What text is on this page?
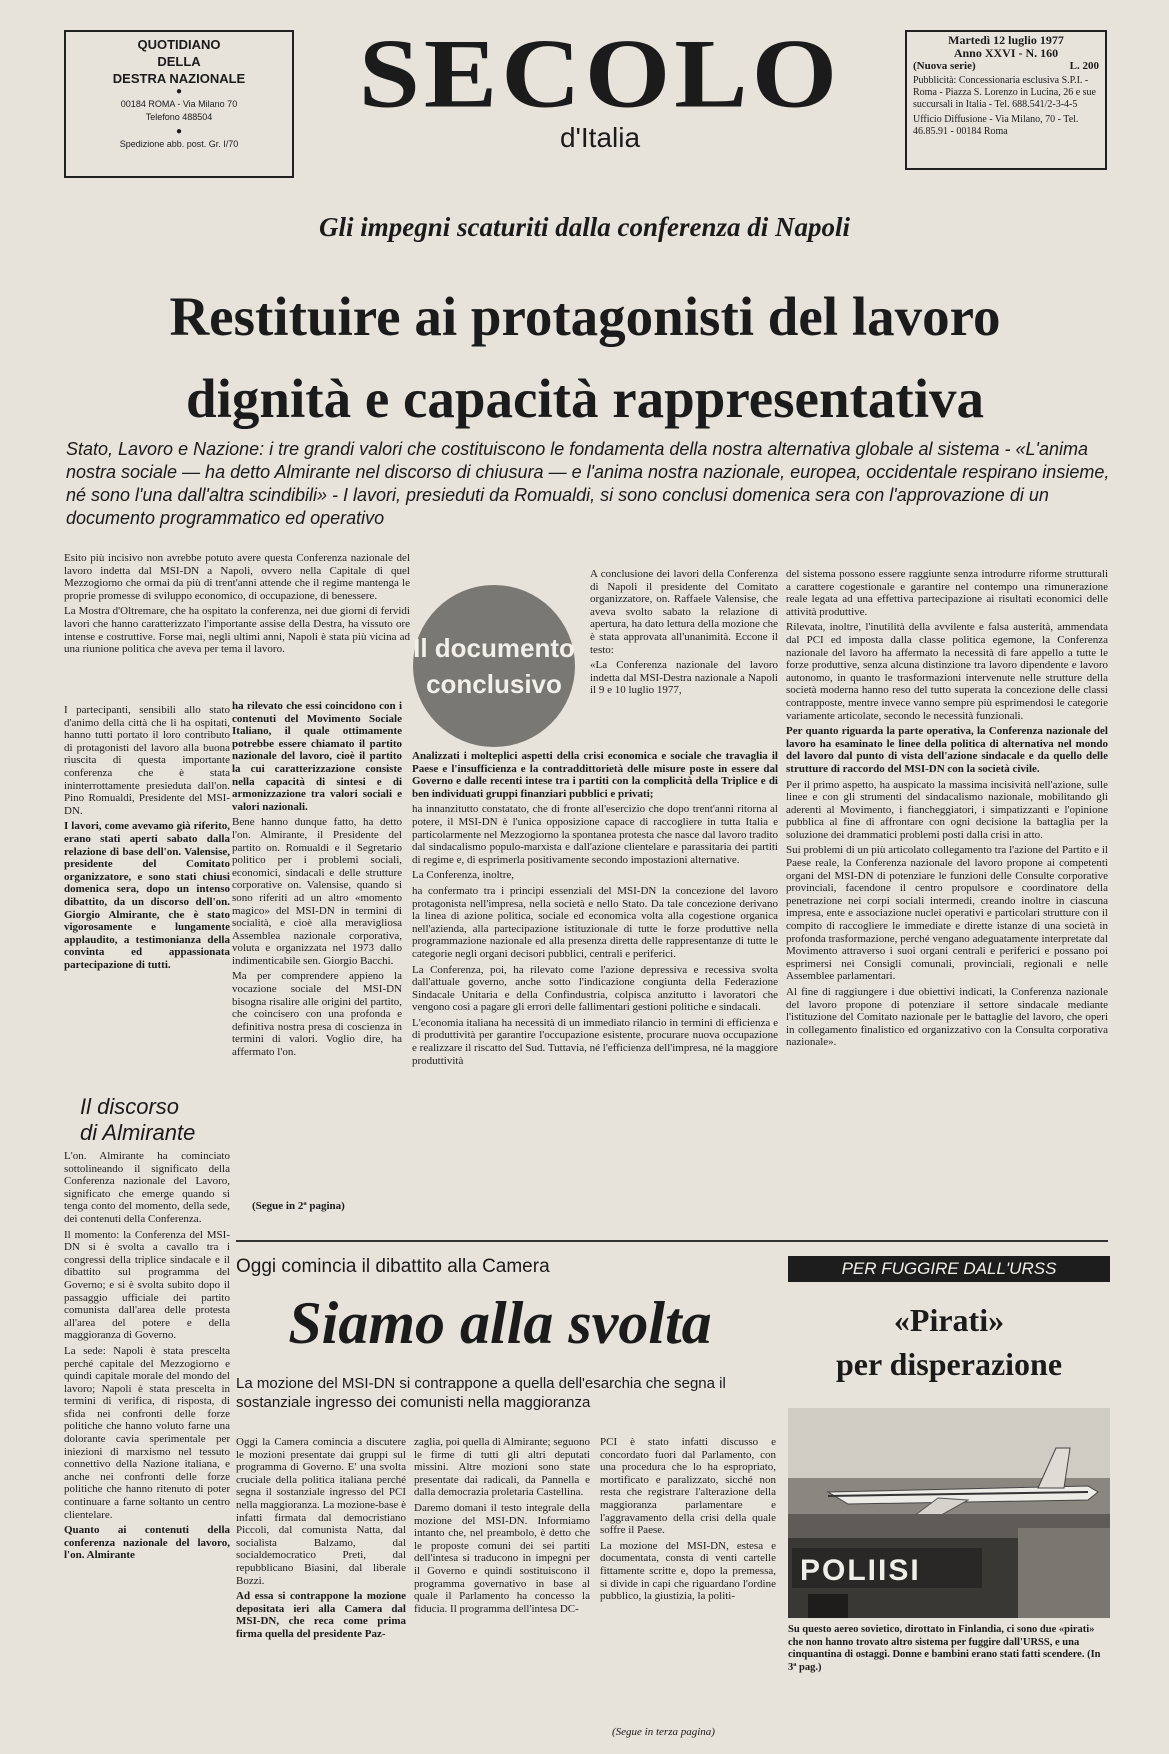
QUOTIDIANO
DELLA
DESTRA NAZIONALE
●
00184 ROMA - Via Milano 70
Telefono 488504
●
Spedizione abb. post. Gr. I/70
SECOLO
d'Italia
Martedì 12 luglio 1977
Anno XXVI - N. 160
(Nuova serie)	L. 200
Pubblicità: Concessionaria esclusiva S.P.I. - Roma - Piazza S. Lorenzo in Lucina, 26 e sue succursali in Italia - Tel. 688.541/2-3-4-5
Ufficio Diffusione - Via Milano, 70 - Tel. 46.85.91 - 00184 Roma
Gli impegni scaturiti dalla conferenza di Napoli
Restituire ai protagonisti del lavoro
dignità e capacità rappresentativa
Stato, Lavoro e Nazione: i tre grandi valori che costituiscono le fondamenta della nostra alternativa globale al sistema - «L'anima nostra sociale — ha detto Almirante nel discorso di chiusura — e l'anima nostra nazionale, europea, occidentale respirano insieme, né sono l'una dall'altra scindibili» - I lavori, presieduti da Romualdi, si sono conclusi domenica sera con l'approvazione di un documento programmatico ed operativo

Esito più incisivo non avrebbe potuto avere questa Conferenza nazionale del lavoro indetta dal MSI-DN a Napoli, ovvero nella Capitale di quel Mezzogiorno che ormai da più di trent'anni attende che il regime mantenga le proprie promesse di sviluppo economico, di occupazione, di benessere.

La Mostra d'Oltremare, che ha ospitato la conferenza, nei due giorni di fervidi lavori che hanno caratterizzato l'importante assise della Destra, ha vissuto ore intense e costruttive. Forse mai, negli ultimi anni, Napoli è stata più vicina ad una riunione politica che aveva per tema il lavoro.

I partecipanti, sensibili allo stato d'animo della città che li ha ospitati, hanno tutti portato il loro contributo di protagonisti del lavoro alla buona riuscita di questa importante conferenza che è stata ininterrottamente presieduta dall'on. Pino Romualdi, Presidente del MSI-DN.

I lavori, come avevamo già riferito, erano stati aperti sabato dalla relazione di base dell'on. Valensise, presidente del Comitato organizzatore, e sono stati chiusi domenica sera, dopo un intenso dibattito, da un discorso dell'on. Giorgio Almirante, che è stato vigorosamente e lungamente applaudito, a testimonianza della convinta ed appassionata partecipazione di tutti.

Il discorso
di Almirante

L'on. Almirante ha cominciato sottolineando il significato della Conferenza nazionale del Lavoro, significato che emerge quando si tenga conto del momento, della sede, dei contenuti della Conferenza.

Il momento: la Conferenza del MSI-DN si è svolta a cavallo tra i congressi della triplice sindacale e il dibattito sul programma del Governo; e si è svolta subito dopo il passaggio ufficiale dei partito comunista dall'area delle protesta all'area del potere e della maggioranza di Governo.

La sede: Napoli è stata prescelta perché capitale del Mezzogiorno e quindi capitale morale del mondo del lavoro; Napoli è stata prescelta in termini di verifica, di risposta, di sfida nei confronti delle forze politiche che hanno voluto farne una dolorante cavia sperimentale per iniezioni di marxismo nel tessuto connettivo della Nazione italiana, e anche nei confronti delle forze politiche che hanno ritenuto di poter continuare a farne soltanto un centro clientelare.

Quanto ai contenuti della conferenza nazionale del lavoro, l'on. Almirante

Il documento
conclusivo

ha rilevato che essi coincidono con i contenuti del Movimento Sociale Italiano, il quale ottimamente potrebbe essere chiamato il partito nazionale del lavoro, cioè il partito la cui caratterizzazione consiste nella capacità di sintesi e di armonizzazione tra valori sociali e valori nazionali.

Bene hanno dunque fatto, ha detto l'on. Almirante, il Presidente del partito on. Romualdi e il Segretario politico per i problemi sociali, economici, sindacali e delle strutture corporative on. Valensise, quando si sono riferiti ad un altro «momento magico» del MSI-DN in termini di socialità, e cioè alla meravigliosa Assemblea nazionale corporativa, voluta e organizzata nel 1973 dallo indimenticabile sen. Giorgio Bacchi.

Ma per comprendere appieno la vocazione sociale del MSI-DN bisogna risalire alle origini del partito, che coincisero con una profonda e definitiva nostra presa di coscienza in termini di valori. Voglio dire, ha affermato l'on.

(Segue in 2ª pagina)

A conclusione dei lavori della Conferenza di Napoli il presidente del Comitato organizzatore, on. Raffaele Valensise, che aveva svolto sabato la relazione di apertura, ha dato lettura della mozione che è stata approvata all'unanimità. Eccone il testo:

«La Conferenza nazionale del lavoro indetta dal MSI-Destra nazionale a Napoli il 9 e 10 luglio 1977,

Analizzati i molteplici aspetti della crisi economica e sociale che travaglia il Paese e l'insufficienza e la contraddittorietà delle misure poste in essere dal Governo e dalle recenti intese tra i partiti con la complicità della Triplice e di ben individuati gruppi finanziari pubblici e privati;

ha innanzitutto constatato, che di fronte all'esercizio che dopo trent'anni ritorna al potere, il MSI-DN è l'unica opposizione capace di raccogliere in tutta Italia e particolarmente nel Mezzogiorno la spontanea protesta che nasce dal lavoro tradito dal sindacalismo populo-marxista e dall'azione clientelare e parassitaria dei partiti di regime e, di esprimerla positivamente secondo impostazioni alternative.

La Conferenza, inoltre,

ha confermato tra i principi essenziali del MSI-DN la concezione del lavoro protagonista nell'impresa, nella società e nello Stato. Da tale concezione derivano la linea di azione politica, sociale ed economica volta alla cogestione organica nell'azienda, alla partecipazione istituzionale di tutte le forze produttive nella programmazione nazionale ed alla presenza diretta delle rappresentanze di tutte le categorie negli organi decisori pubblici, centrali e periferici.

La Conferenza, poi, ha rilevato come l'azione depressiva e recessiva svolta dall'attuale governo, anche sotto l'indicazione congiunta della Federazione Sindacale Unitaria e della Confindustria, colpisca anzitutto i lavoratori che vengono così a pagare gli errori delle fallimentari gestioni politiche e sindacali.

L'economia italiana ha necessità di un immediato rilancio in termini di efficienza e di produttività per garantire l'occupazione esistente, procurare nuova occupazione e realizzare il riscatto del Sud. Tuttavia, né l'efficienza dell'impresa, né la maggiore produttività

del sistema possono essere raggiunte senza introdurre riforme strutturali a carattere cogestionale e garantire nel contempo una rimunerazione reale legata ad una effettiva partecipazione ai risultati economici delle attività produttive.

Rilevata, inoltre, l'inutilità della avvilente e falsa austerità, ammendata dal PCI ed imposta dalla classe politica egemone, la Conferenza nazionale del lavoro ha affermato la necessità di fare appello a tutte le forze produttive, senza alcuna distinzione tra lavoro dipendente e lavoro autonomo, in quanto le trasformazioni intervenute nelle strutture della società moderna hanno reso del tutto superata la concezione delle classi contrapposte, mentre invece vanno sempre più esprimendosi le categorie variamente articolate, secondo le necessità funzionali.

Per quanto riguarda la parte operativa, la Conferenza nazionale del lavoro ha esaminato le linee della politica di alternativa nel mondo del lavoro dal punto di vista dell'azione sindacale e da quello delle strutture di raccordo del MSI-DN con la società civile.

Per il primo aspetto, ha auspicato la massima incisività nell'azione, sulle linee e con gli strumenti del sindacalismo nazionale, mobilitando gli aderenti al Movimento, i fiancheggiatori, i simpatizzanti e l'opinione pubblica al fine di affrontare con ogni decisione la battaglia per la soluzione dei drammatici problemi posti dalla crisi in atto.

Sui problemi di un più articolato collegamento tra l'azione del Partito e il Paese reale, la Conferenza nazionale del lavoro propone ai competenti organi del MSI-DN di potenziare le funzioni delle Consulte corporative provinciali, facendone il centro propulsore e coordinatore della penetrazione nei corpi sociali intermedi, creando inoltre in ciascuna impresa, ente e associazione nuclei operativi e particolari strutture con il compito di raccogliere le immediate e dirette istanze di una società in profonda trasformazione, perché vengano adeguatamente interpretate dal Movimento attraverso i suoi organi centrali e periferici e possano poi esprimersi nei Consigli comunali, provinciali, regionali e nelle Assemblee parlamentari.

Al fine di raggiungere i due obiettivi indicati, la Conferenza nazionale del lavoro propone di potenziare il settore sindacale mediante l'istituzione del Comitato nazionale per le battaglie del lavoro, che operi in collegamento finalistico ed organizzativo con la Consulta corporativa nazionale».

Oggi comincia il dibattito alla Camera
Siamo alla svolta
La mozione del MSI-DN si contrappone a quella dell'esarchia che segna il sostanziale ingresso dei comunisti nella maggioranza

Oggi la Camera comincia a discutere le mozioni presentate dai gruppi sul programma di Governo. E' una svolta cruciale della politica italiana perché segna il sostanziale ingresso del PCI nella maggioranza. La mozione-base è infatti firmata dal democristiano Piccoli, dal comunista Natta, dal socialista Balzamo, dal socialdemocratico Preti, dal repubblicano Biasini, dal liberale Bozzi.

Ad essa si contrappone la mozione depositata ieri alla Camera dal MSI-DN, che reca come prima firma quella del presidente Paz-

zaglia, poi quella di Almirante; seguono le firme di tutti gli altri deputati missini. Altre mozioni sono state presentate dai radicali, da Pannella e dalla democrazia proletaria Castellina.

Daremo domani il testo integrale della mozione del MSI-DN. Informiamo intanto che, nel preambolo, è detto che le proposte comuni dei sei partiti dell'intesa si traducono in impegni per il Governo e quindi sostituiscono il programma governativo in base al quale il Parlamento ha concesso la fiducia. Il programma dell'intesa DC-

PCI è stato infatti discusso e concordato fuori dal Parlamento, con una procedura che lo ha espropriato, mortificato e paralizzato, sicché non resta che registrare l'alterazione della maggioranza parlamentare e l'aggravamento della crisi della quale soffre il Paese.

La mozione del MSI-DN, estesa e documentata, consta di venti cartelle fittamente scritte e, dopo la premessa, si divide in capi che riguardano l'ordine pubblico, la giustizia, la politi-

(Segue in terza pagina)
PER FUGGIRE DALL'URSS
«Pirati»
per disperazione
POLIISI
Su questo aereo sovietico, dirottato in Finlandia, ci sono due «pirati» che non hanno trovato altro sistema per fuggire dall'URSS, e una cinquantina di ostaggi. Donne e bambini erano stati fatti scendere. (In 3ª pag.)
